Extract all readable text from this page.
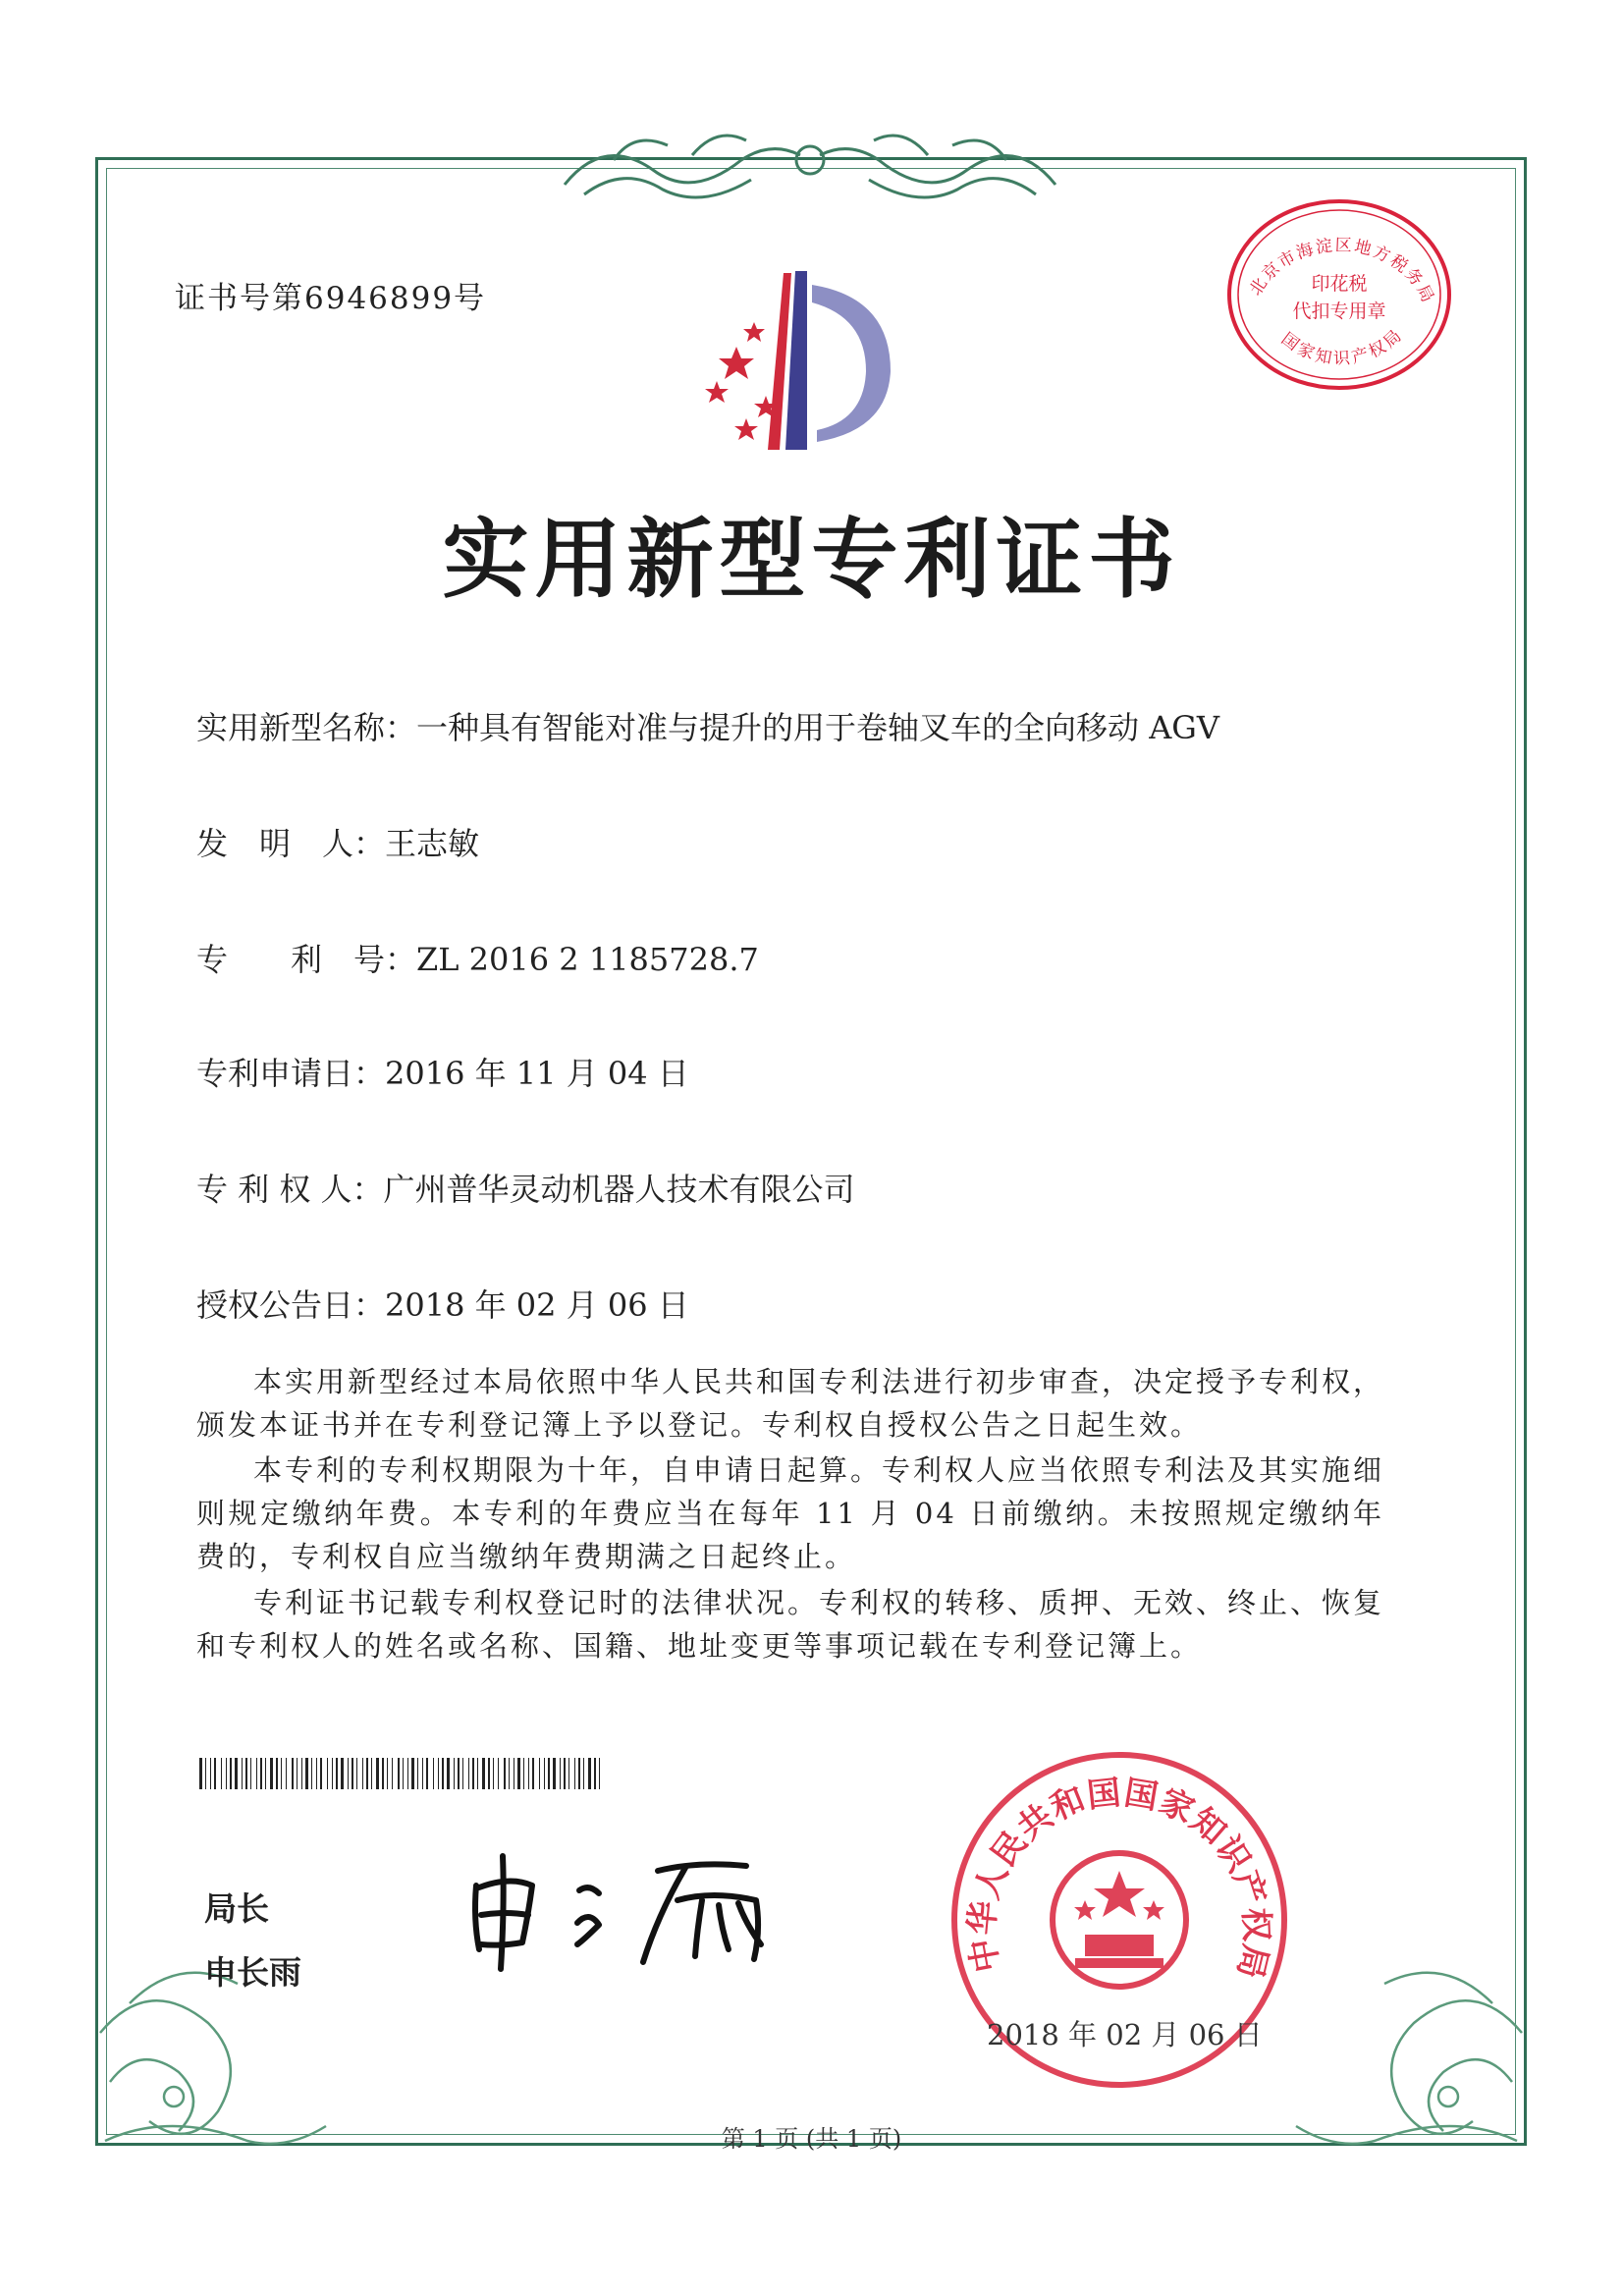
证书号第6946899号	北京市海淀区地方税务局
印花税
代扣专用章
国家知识产权局
实用新型专利证书
实用新型名称：一种具有智能对准与提升的用于卷轴叉车的全向移动 AGV
发　明　人：王志敏
专　　利　号：ZL 2016 2 1185728.7
专利申请日：2016 年 11 月 04 日
专 利 权 人：广州普华灵动机器人技术有限公司
授权公告日：2018 年 02 月 06 日
本实用新型经过本局依照中华人民共和国专利法进行初步审查，决定授予专利权，颁发本证书并在专利登记簿上予以登记。专利权自授权公告之日起生效。
本专利的专利权期限为十年，自申请日起算。专利权人应当依照专利法及其实施细则规定缴纳年费。本专利的年费应当在每年 11 月 04 日前缴纳。未按照规定缴纳年费的，专利权自应当缴纳年费期满之日起终止。
专利证书记载专利权登记时的法律状况。专利权的转移、质押、无效、终止、恢复和专利权人的姓名或名称、国籍、地址变更等事项记载在专利登记簿上。
局长
申长雨	中华人民共和国国家知识产权局
2018 年 02 月 06 日
第 1 页 (共 1 页)
